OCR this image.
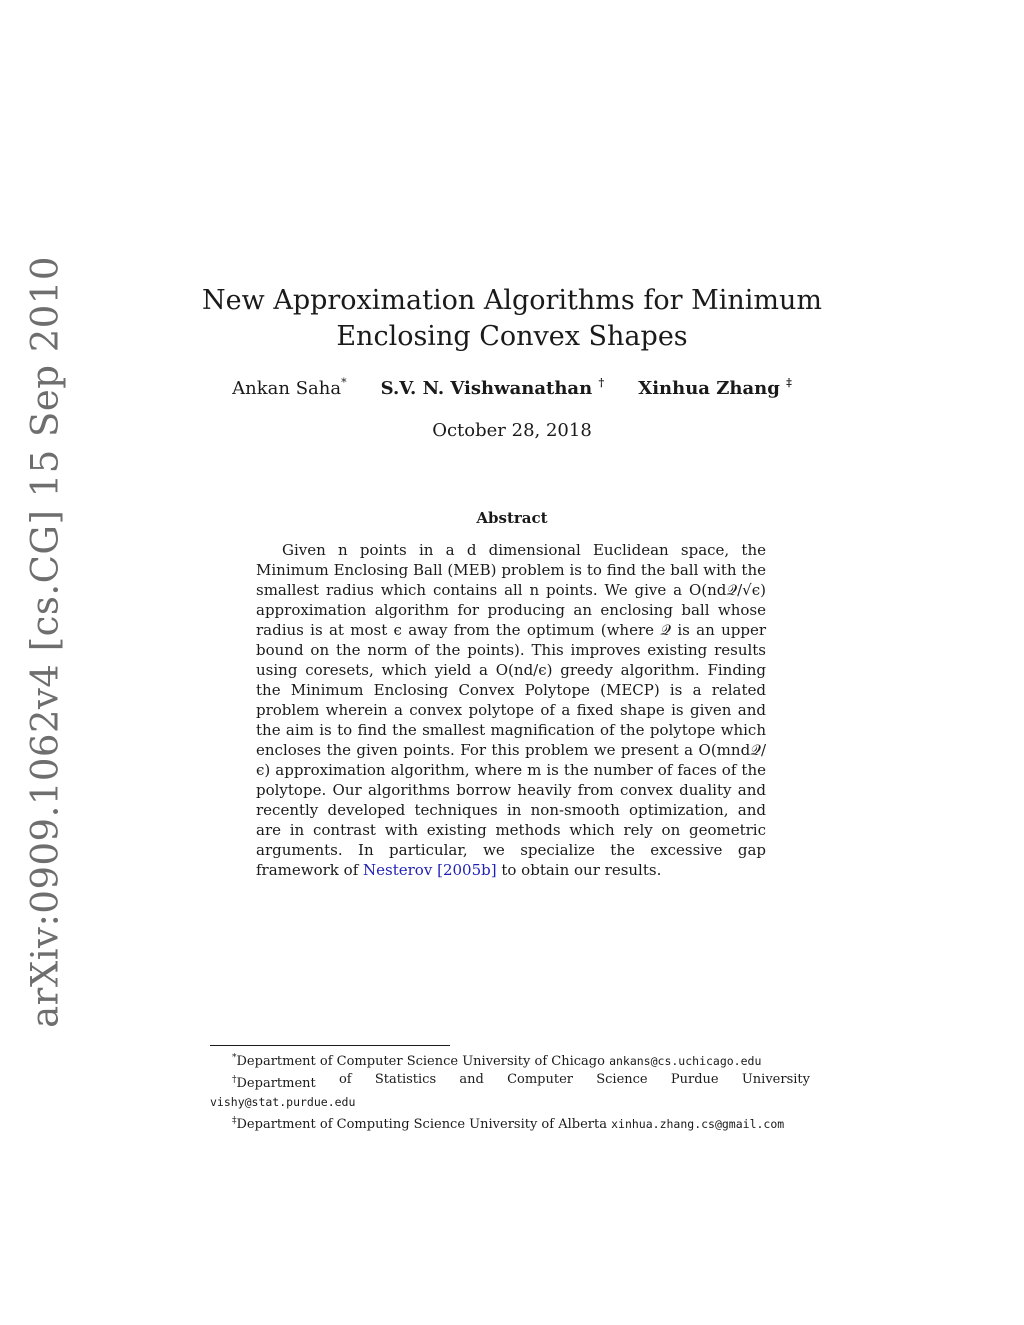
arXiv:0909.1062v4 [cs.CG] 15 Sep 2010	New Approximation Algorithms for Minimum
Enclosing Convex Shapes
Ankan Saha* S.V. N. Vishwanathan † Xinhua Zhang ‡
October 28, 2018
Abstract

Given n points in a d dimensional Euclidean space, the Minimum Enclosing Ball (MEB) problem is to find the ball with the smallest radius which contains all n points. We give a O(nd𝒬/√ϵ) approximation algorithm for producing an enclosing ball whose radius is at most ϵ away from the optimum (where 𝒬 is an upper bound on the norm of the points). This improves existing results using coresets, which yield a O(nd/ϵ) greedy algorithm. Finding the Minimum Enclosing Convex Polytope (MECP) is a related problem wherein a convex polytope of a fixed shape is given and the aim is to find the smallest magnification of the polytope which encloses the given points. For this problem we present a O(mnd𝒬/ϵ) approximation algorithm, where m is the number of faces of the polytope. Our algorithms borrow heavily from convex duality and recently developed techniques in non-smooth optimization, and are in contrast with existing methods which rely on geometric arguments. In particular, we specialize the excessive gap framework of Nesterov [2005b] to obtain our results.

*Department of Computer Science University of Chicago ankans@cs.uchicago.edu

†Department of Statistics and Computer Science Purdue University

vishy@stat.purdue.edu

‡Department of Computing Science University of Alberta xinhua.zhang.cs@gmail.com
